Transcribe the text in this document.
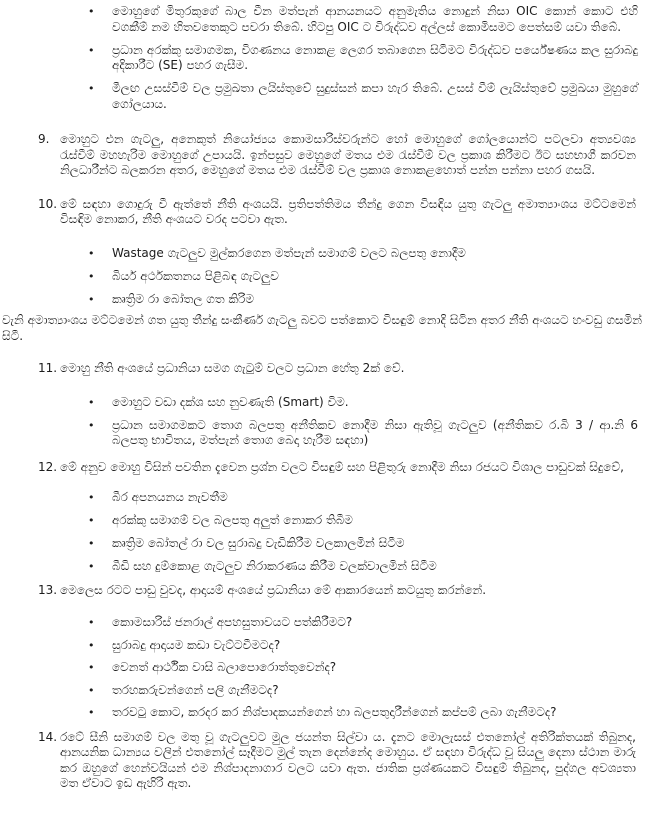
•
මොහුගේ මිතුරකුගේ බාල චීන මත්පැන් ආනයනයට අනුමැතිය නොදුන් නිසා OIC කොන් කොට එහි වගකීම් නම හිතවතෙකුට පවරා තිබේ. හිටපු OIC ට විරුද්ධව අල්ලස් කොමිසමට පෙත්සම් යවා තිබේ.
•
ප්‍රධාන අරක්කු සමාගමක, විගණනය නොකළ ලෙගර තබාගෙන සිටීමට විරුද්ධව පර්යේෂණය කල සුරාබදු අදිකාරීට (SE) පහර ගැසීම.
•
මීලඟ උසස්වීම් වල ප්‍රමුඛතා ලයිස්තුවේ සුදුස්සන් කපා හැර තිබේ. උසස් වීම් ලැයිස්තුවේ ප්‍රමුඛයා මුහුගේ ගෝලයාය.
9. මොහුට එන ගැටලු, අනෙකුත් නියෝජ්‍යය කොමසාරිස්වරුන්ට හෝ මොහුගේ ගෝලයොන්ට පටලවා අත්‍යවශ්‍ය රැස්වීම් මහහැරිම මොහුගේ උපායයි. ඉන්පසුව මෙහුගේ මතය එම රැස්වීම් වල ප්‍රකාශ කිරීමට ඊට සහභාගී කරවන නිලධාරීන්ට බලකරන අතර, මෙහුගේ මතය එම රැස්වීම් වල ප්‍රකාශ නොකළහොත් පන්න පන්නා පහර ගසයි.
10. මේ සඳහා ගොදුරු වී ඇත්තේ නීති අංශයයි. ප්‍රතිපත්තිමය තීන්දු ගෙන විසඳිය යුතු ගැටලු අමාත්‍යාංශය මට්ටමෙන් විසඳිම නොකර, නීති අංශයට වරද පටවා ඇත.
•
Wastage ගැටලුව මුල්කරගෙන මත්පැන් සමාගම් වලට බලපතු නොදීම
•
බියර් අර්ථකතනය පිළිබඳ ගැටලුව
•
කෘත්‍රිම රා බෝතල ගත කිරිම
වැනි අමාත්‍යාංශය මට්ටමෙන් ගත යුතු තීන්දු සංකීර්ණ ගැටලු බවට පත්කොට විසඳුම් නොදි සිටින අතර නීති අංශයට හංවඩු ගසමින් සිටී.
11. මොහු නීති අංශයේ ප්‍රධානියා සමග ගැටුම් වලට ප්‍රධාන හේතු 2ක් වේ.
•
මොහුට වඩා දක්ශ සහ නුවණැති (Smart) විම.
•
ප්‍රධාන සමාගමකට තොග බලපතු අනීතිකව නොදීම නිසා ඇතිවූ ගැටලුව (අනීතිකව ර.බි 3 / ආ.නි 6 බලපතු භාවිතය, මත්පැන් තොග බෙදා හැරීම සඳහා)
12. මේ අනුව මොහු විසින් පවතින දැවෙන ප්‍රශ්න වලට විසඳුම් සහ පිළිතුරු නොදීම නිසා රජයට විශාල පාඩුවක් සිදුවේ,
•
බීර අපනයනය නැවතීම
•
අරක්කු සමාගම් වල බලපතු අලුත් නොකර තිබීම
•
කෘත්‍රිම බෝතල් රා වල සුරාබදු වැඩිකිරීම වලකාලමින් සිටීම
•
බීඩි සහ දුම්කොළ ගැටලුව නිරාකරණය කිරීම වලක්වාලමින් සිටීම
13. මෙලෙස රටට පාඩු වුවද, ආදායම් අංශයේ ප්‍රධානියා මේ ආකාරයෙන් කටයුතු කරන්නේ.
•
කොමසාරිස් ජනරාල් අපහසුතාවයට පත්කිරීමට?
•
සුරාබදු ආදායම කඩා වැට්ටවීමටද?
•
වෙනත් ආර්ථික වාසි බලාපොරොත්තුවෙන්ද?
•
තරහකරුවන්ගෙන් පලි ගැනීමටද?
•
තරවටු කොට, කරදර කර නිශ්පාදකයන්ගෙන් හා බලපතුදාරීන්ගෙන් කප්පම් ලබා ගැනීමටද?
14. රටේ සීනි සමාගම් වල මතු වූ ගැටලුවට මුල ජයන්ත සිල්වා ය. දැනට මොලැසස් එතනෝල් අතිරික්තයක් තිබුනද, ආනයනික ධාන්‍යය වලින් එතනෝල් සෑදීමට මුල් තැන දෙන්නේද මොහුය. ඒ සඳහා විරුද්ධ වූ සියලු දෙනා ස්ථාන මාරු කර ඔහුගේ හෙන්වයියන් එම නිශ්පාදනාගාර වලට යවා ඇත. ජාතික ප්‍රශ්ණයකට විසඳුම් තිබුනද, පුද්ගල අවශ්‍යතා මත ඒවාට ඉඩ ඇහිරි ඇත.
